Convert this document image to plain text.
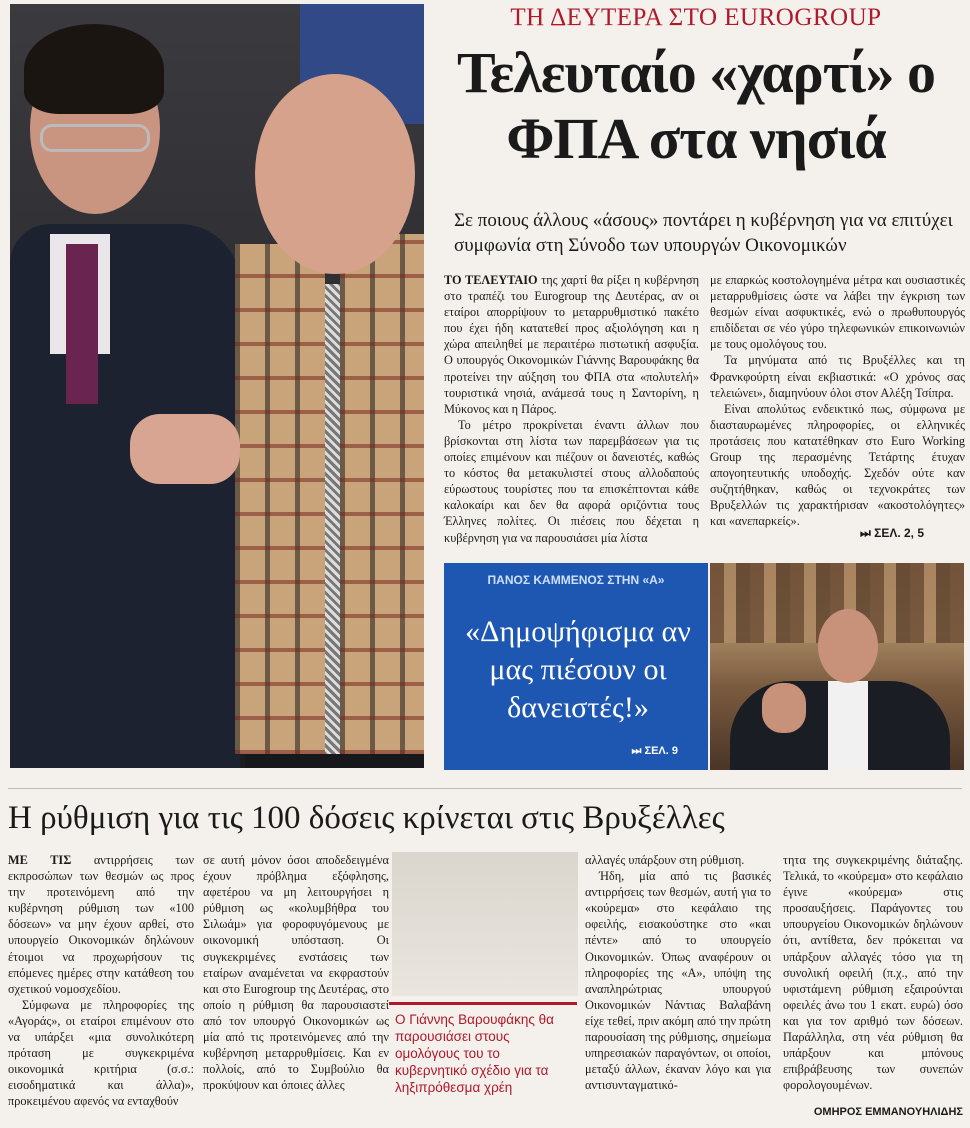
ΤΗ ΔΕΥΤΕΡΑ ΣΤΟ EUROGROUP
Τελευταίο «χαρτί» ο ΦΠΑ στα νησιά
Σε ποιους άλλους «άσους» ποντάρει η κυβέρνηση για να επιτύχει συμφωνία στη Σύνοδο των υπουργών Οικονομικών

ΤΟ ΤΕΛΕΥΤΑΙΟ της χαρτί θα ρίξει η κυβέρνηση στο τραπέζι του Eurogroup της Δευτέρας, αν οι εταίροι απορρίψουν το μεταρρυθμιστικό πακέτο που έχει ήδη κατατεθεί προς αξιολόγηση και η χώρα απειληθεί με περαιτέρω πιστωτική ασφυξία. Ο υπουργός Οικονομικών Γιάννης Βαρουφάκης θα προτείνει την αύξηση του ΦΠΑ στα «πολυτελή» τουριστικά νησιά, ανάμεσά τους η Σαντορίνη, η Μύκονος και η Πάρος.

Το μέτρο προκρίνεται έναντι άλλων που βρίσκονται στη λίστα των παρεμβάσεων για τις οποίες επιμένουν και πιέζουν οι δανειστές, καθώς το κόστος θα μετακυλιστεί στους αλλοδαπούς εύρωστους τουρίστες που τα επισκέπτονται κάθε καλοκαίρι και δεν θα αφορά οριζόντια τους Έλληνες πολίτες. Οι πιέσεις που δέχεται η κυβέρνηση για να παρουσιάσει μία λίστα

με επαρκώς κοστολογημένα μέτρα και ουσιαστικές μεταρρυθμίσεις ώστε να λάβει την έγκριση των θεσμών είναι ασφυκτικές, ενώ ο πρωθυπουργός επιδίδεται σε νέο γύρο τηλεφωνικών επικοινωνιών με τους ομολόγους του.

Τα μηνύματα από τις Βρυξέλλες και τη Φρανκφούρτη είναι εκβιαστικά: «Ο χρόνος σας τελειώνει», διαμηνύουν όλοι στον Αλέξη Τσίπρα.

Είναι απολύτως ενδεικτικό πως, σύμφωνα με διασταυρωμένες πληροφορίες, οι ελληνικές προτάσεις που κατατέθηκαν στο Euro Working Group της περασμένης Τετάρτης έτυχαν απογοητευτικής υποδοχής. Σχεδόν ούτε καν συζητήθηκαν, καθώς οι τεχνοκράτες των Βρυξελλών τις χαρακτήρισαν «ακοστολόγητες» και «ανεπαρκείς».

⏭ ΣΕΛ. 2, 5
ΠΑΝΟΣ ΚΑΜΜΕΝΟΣ ΣΤΗΝ «Α»
«Δημοψήφισμα αν μας πιέσουν οι δανειστές!»
⏭ ΣΕΛ. 9
Η ρύθμιση για τις 100 δόσεις κρίνεται στις Βρυξέλλες

ΜΕ ΤΙΣ αντιρρήσεις των εκπροσώπων των θεσμών ως προς την προτεινόμενη από την κυβέρνηση ρύθμιση των «100 δόσεων» να μην έχουν αρθεί, στο υπουργείο Οικονομικών δηλώνουν έτοιμοι να προχωρήσουν τις επόμενες ημέρες στην κατάθεση του σχετικού νομοσχεδίου.

Σύμφωνα με πληροφορίες της «Αγοράς», οι εταίροι επιμένουν στο να υπάρξει «μια συνολικότερη πρόταση με συγκεκριμένα οικονομικά κριτήρια (σ.σ.: εισοδηματικά και άλλα)», προκειμένου αφενός να ενταχθούν

σε αυτή μόνον όσοι αποδεδειγμένα έχουν πρόβλημα εξόφλησης, αφετέρου να μη λειτουργήσει η ρύθμιση ως «κολυμβήθρα του Σιλωάμ» για φοροφυγόμενους με οικονομική υπόσταση. Οι συγκεκριμένες ενστάσεις των εταίρων αναμένεται να εκφραστούν και στο Eurogroup της Δευτέρας, στο οποίο η ρύθμιση θα παρουσιαστεί από τον υπουργό Οικονομικών ως μία από τις προτεινόμενες από την κυβέρνηση μεταρρυθμίσεις. Και εν πολλοίς, από το Συμβούλιο θα προκύψουν και όποιες άλλες

Ο Γιάννης Βαρουφάκης θα παρουσιάσει στους ομολόγους του το κυβερνητικό σχέδιο για τα ληξιπρόθεσμα χρέη

αλλαγές υπάρξουν στη ρύθμιση.

Ήδη, μία από τις βασικές αντιρρήσεις των θεσμών, αυτή για το «κούρεμα» στο κεφάλαιο της οφειλής, εισακούστηκε στο «και πέντε» από το υπουργείο Οικονομικών. Όπως αναφέρουν οι πληροφορίες της «Α», υπόψη της αναπληρώτριας υπουργού Οικονομικών Νάντιας Βαλαβάνη είχε τεθεί, πριν ακόμη από την πρώτη παρουσίαση της ρύθμισης, σημείωμα υπηρεσιακών παραγόντων, οι οποίοι, μεταξύ άλλων, έκαναν λόγο και για αντισυνταγματικό-

τητα της συγκεκριμένης διάταξης. Τελικά, το «κούρεμα» στο κεφάλαιο έγινε «κούρεμα» στις προσαυξήσεις. Παράγοντες του υπουργείου Οικονομικών δηλώνουν ότι, αντίθετα, δεν πρόκειται να υπάρξουν αλλαγές τόσο για τη συνολική οφειλή (π.χ., από την υφιστάμενη ρύθμιση εξαιρούνται οφειλές άνω του 1 εκατ. ευρώ) όσο και για τον αριθμό των δόσεων. Παράλληλα, στη νέα ρύθμιση θα υπάρξουν και μπόνους επιβράβευσης των συνεπών φορολογουμένων.

ΟΜΗΡΟΣ ΕΜΜΑΝΟΥΗΛΙΔΗΣ
